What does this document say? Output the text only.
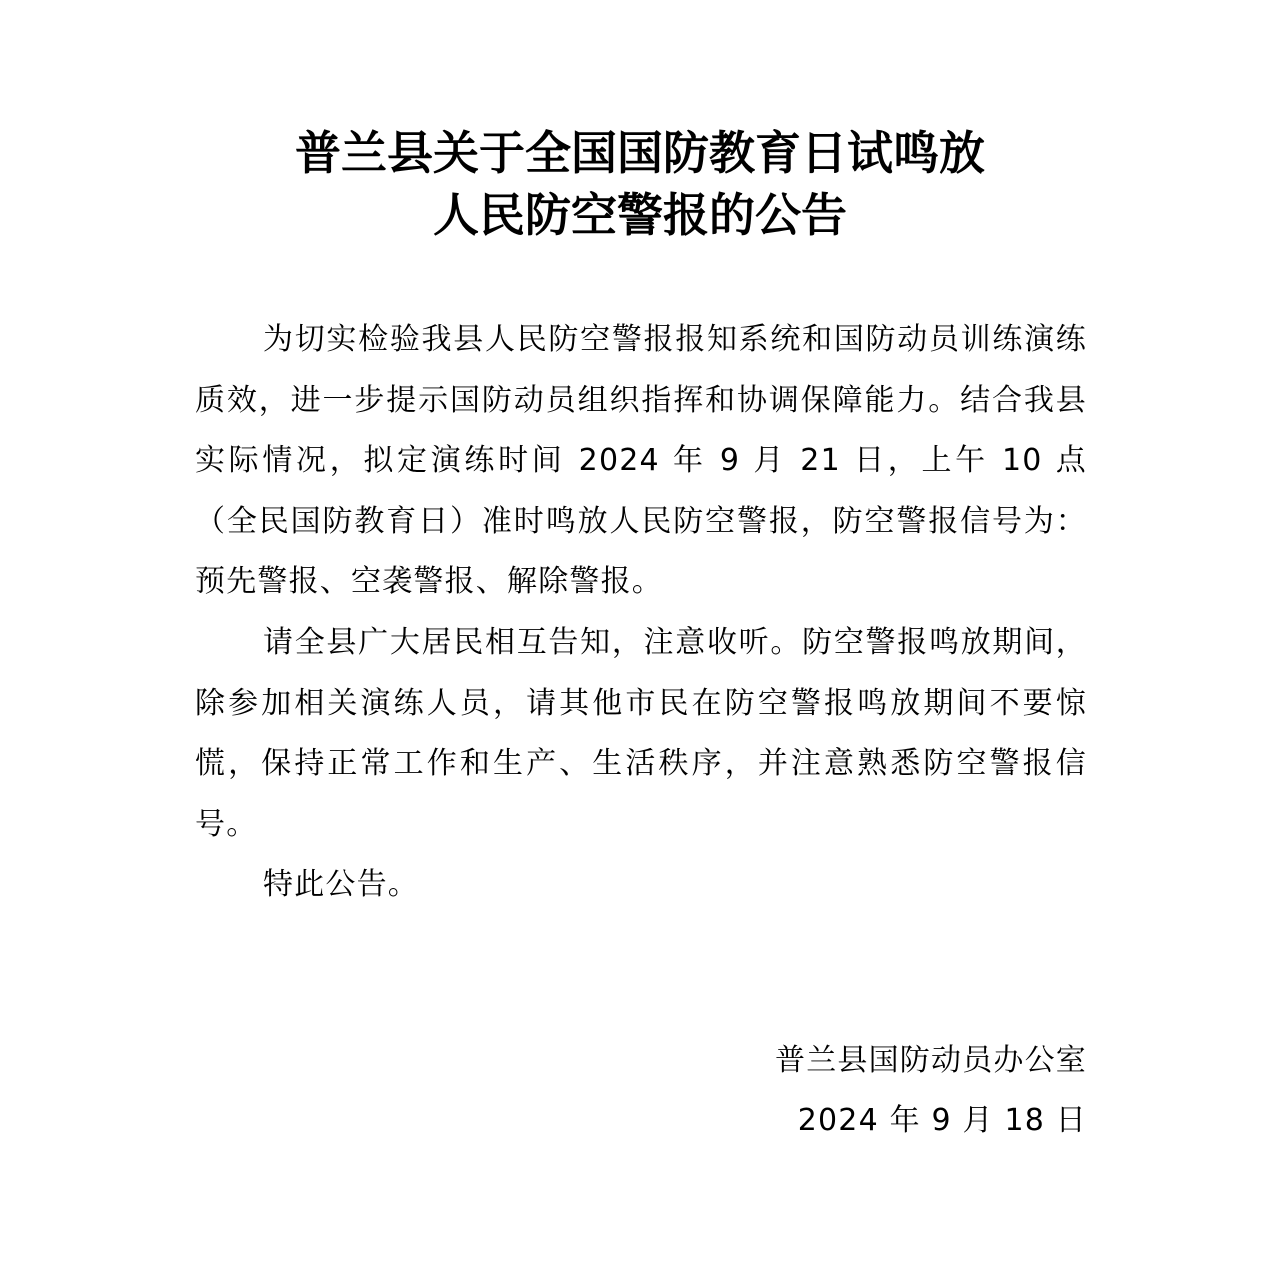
普兰县关于全国国防教育日试鸣放
人民防空警报的公告

为切实检验我县人民防空警报报知系统和国防动员训练演练质效，进一步提示国防动员组织指挥和协调保障能力。结合我县实际情况，拟定演练时间 2024 年 9 月 21 日，上午 10 点（全民国防教育日）准时鸣放人民防空警报，防空警报信号为：预先警报、空袭警报、解除警报。

请全县广大居民相互告知，注意收听。防空警报鸣放期间，除参加相关演练人员，请其他市民在防空警报鸣放期间不要惊慌，保持正常工作和生产、生活秩序，并注意熟悉防空警报信号。

特此公告。

普兰县国防动员办公室
2024 年 9 月 18 日
